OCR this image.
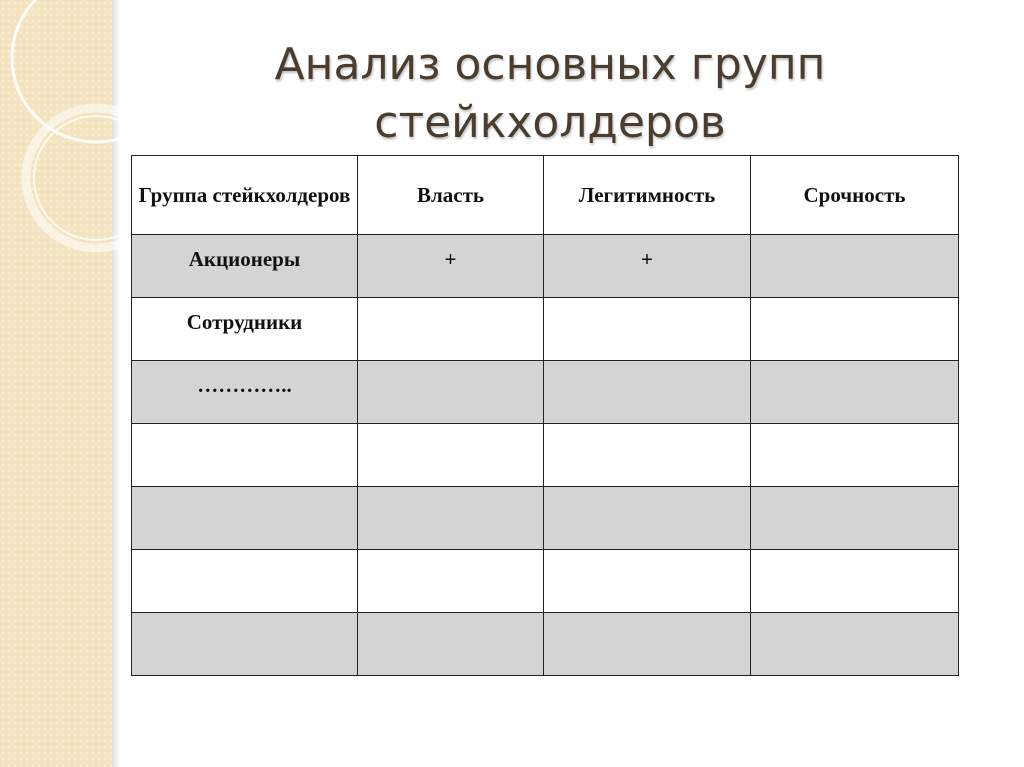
Анализ основных групп
стейкхолдеров
Группа стейкхолдеров	Власть	Легитимность	Срочность
Акционеры	+	+	
Сотрудники			
…………..			
